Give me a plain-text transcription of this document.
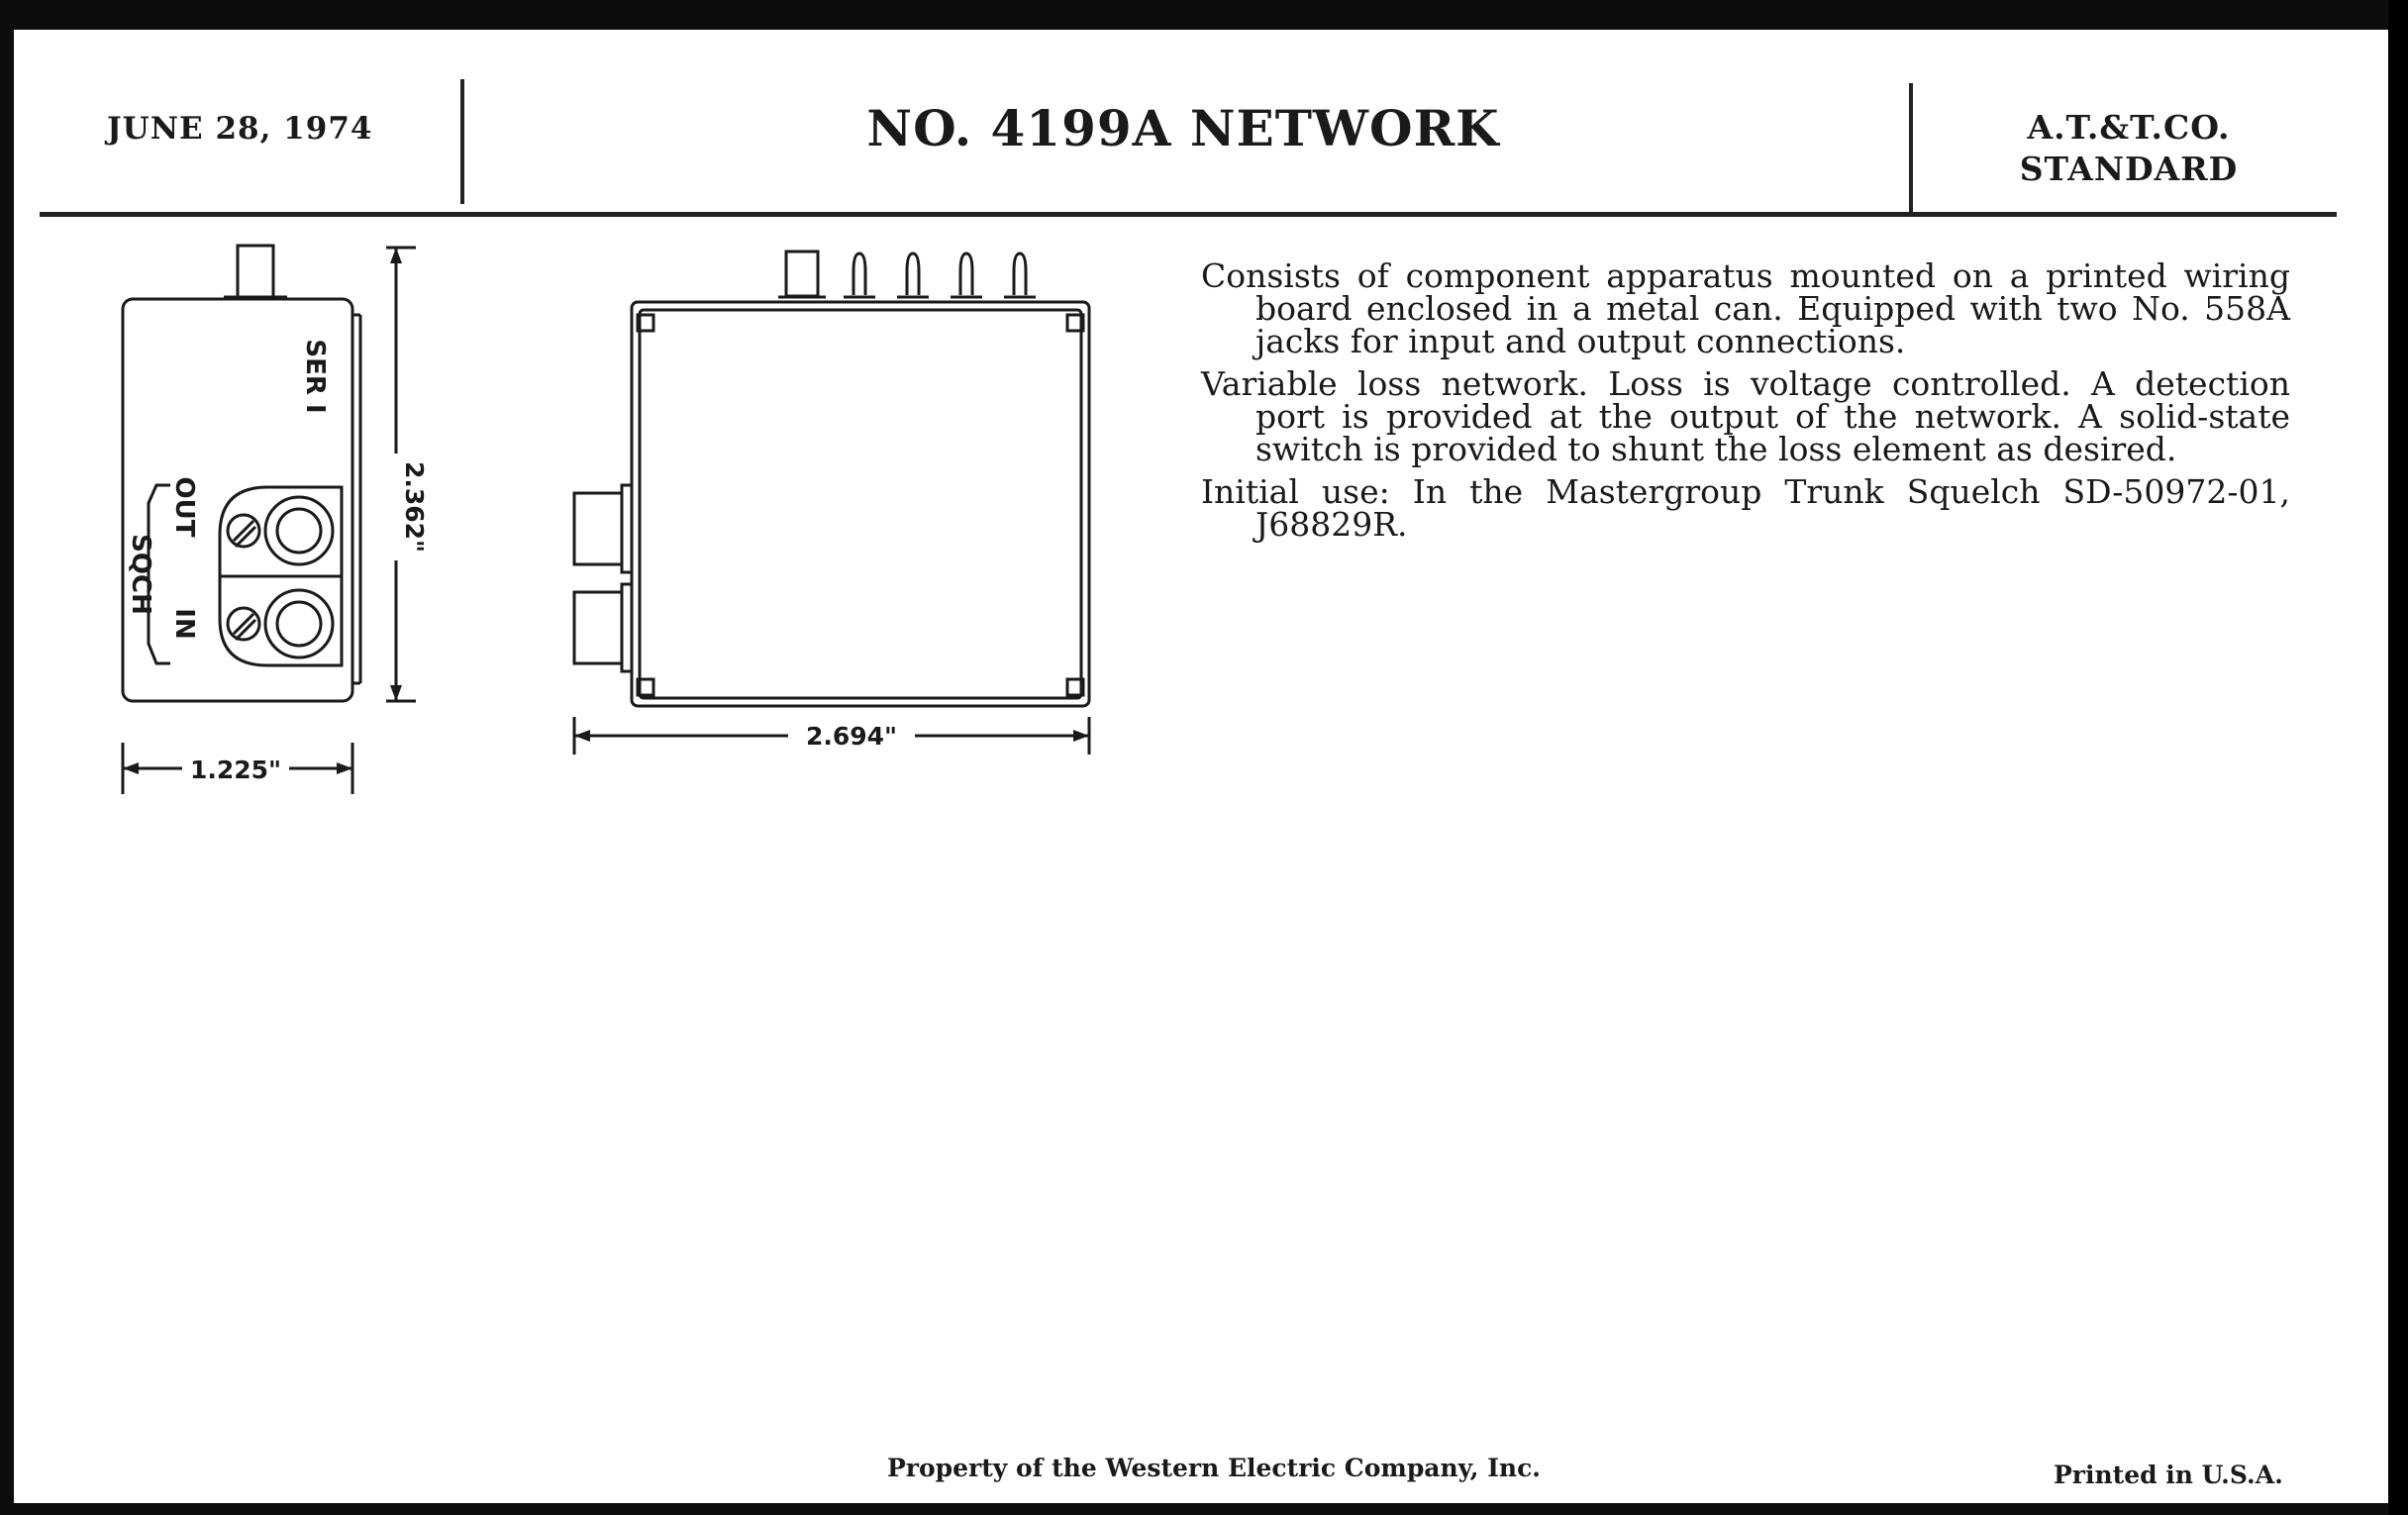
JUNE 28, 1974	NO. 4199A NETWORK	A.T.&T.CO.
STANDARD
2.362"
1.225"
2.694"
SER I
OUT
IN
SQCH

Consists of component apparatus mounted on a printed wiring board enclosed in a metal can. Equipped with two No. 558A jacks for input and output connections.

Variable loss network. Loss is voltage controlled. A detection port is provided at the output of the network. A solid-state switch is provided to shunt the loss element as desired.

Initial use: In the Mastergroup Trunk Squelch SD-50972-01, J68829R.

Property of the Western Electric Company, Inc.	Printed in U.S.A.
